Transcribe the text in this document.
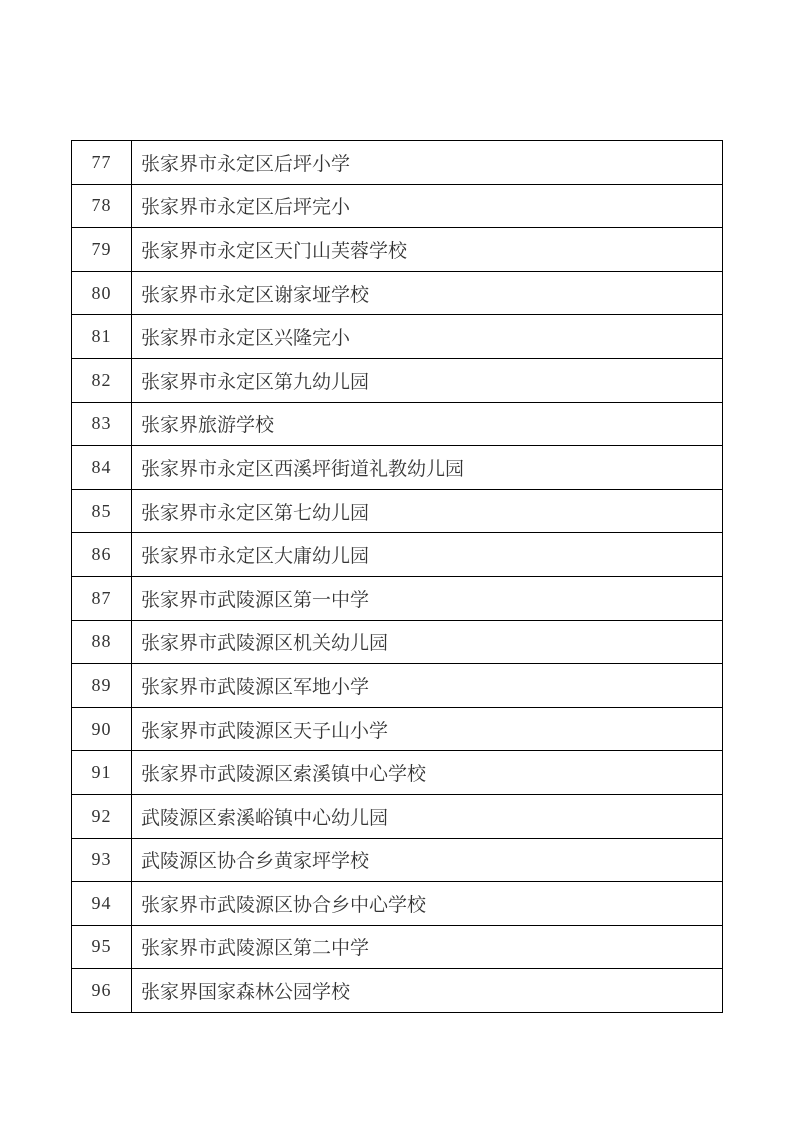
77	张家界市永定区后坪小学
78	张家界市永定区后坪完小
79	张家界市永定区天门山芙蓉学校
80	张家界市永定区谢家垭学校
81	张家界市永定区兴隆完小
82	张家界市永定区第九幼儿园
83	张家界旅游学校
84	张家界市永定区西溪坪街道礼教幼儿园
85	张家界市永定区第七幼儿园
86	张家界市永定区大庸幼儿园
87	张家界市武陵源区第一中学
88	张家界市武陵源区机关幼儿园
89	张家界市武陵源区军地小学
90	张家界市武陵源区天子山小学
91	张家界市武陵源区索溪镇中心学校
92	武陵源区索溪峪镇中心幼儿园
93	武陵源区协合乡黄家坪学校
94	张家界市武陵源区协合乡中心学校
95	张家界市武陵源区第二中学
96	张家界国家森林公园学校
